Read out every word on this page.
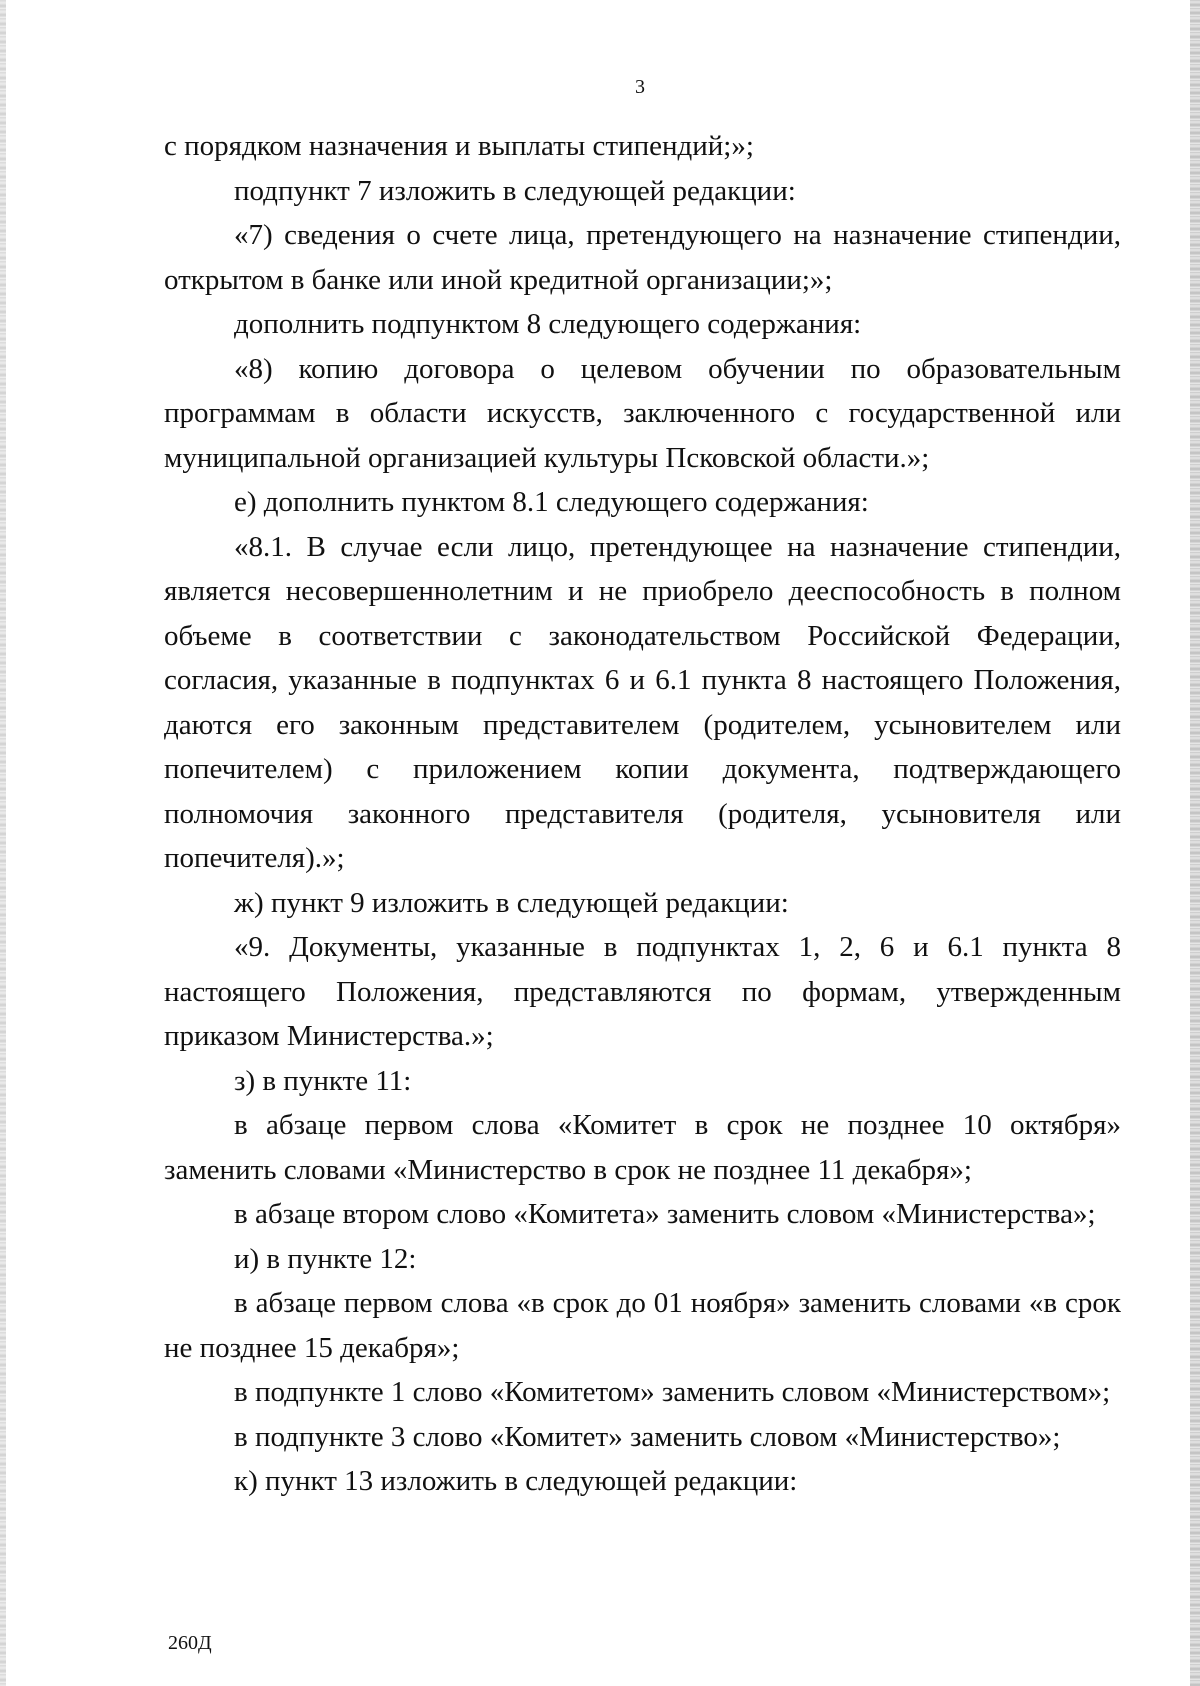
3

с порядком назначения и выплаты стипендий;»;

подпункт 7 изложить в следующей редакции:

«7) сведения о счете лица, претендующего на назначение стипендии, открытом в банке или иной кредитной организации;»;

дополнить подпунктом 8 следующего содержания:

«8) копию договора о целевом обучении по образовательным программам в области искусств, заключенного с государственной или муниципальной организацией культуры Псковской области.»;

е) дополнить пунктом 8.1 следующего содержания:

«8.1. В случае если лицо, претендующее на назначение стипендии, является несовершеннолетним и не приобрело дееспособность в полном объеме в соответствии с законодательством Российской Федерации, согласия, указанные в подпунктах 6 и 6.1 пункта 8 настоящего Положения, даются его законным представителем (родителем, усыновителем или попечителем) с приложением копии документа, подтверждающего полномочия законного представителя (родителя, усыновителя или попечителя).»;

ж) пункт 9 изложить в следующей редакции:

«9. Документы, указанные в подпунктах 1, 2, 6 и 6.1 пункта 8 настоящего Положения, представляются по формам, утвержденным приказом Министерства.»;

з) в пункте 11:

в абзаце первом слова «Комитет в срок не позднее 10 октября» заменить словами «Министерство в срок не позднее 11 декабря»;

в абзаце втором слово «Комитета» заменить словом «Министерства»;

и) в пункте 12:

в абзаце первом слова «в срок до 01 ноября» заменить словами «в срок не позднее 15 декабря»;

в подпункте 1 слово «Комитетом» заменить словом «Министерством»;

в подпункте 3 слово «Комитет» заменить словом «Министерство»;

к) пункт 13 изложить в следующей редакции:

260Д
